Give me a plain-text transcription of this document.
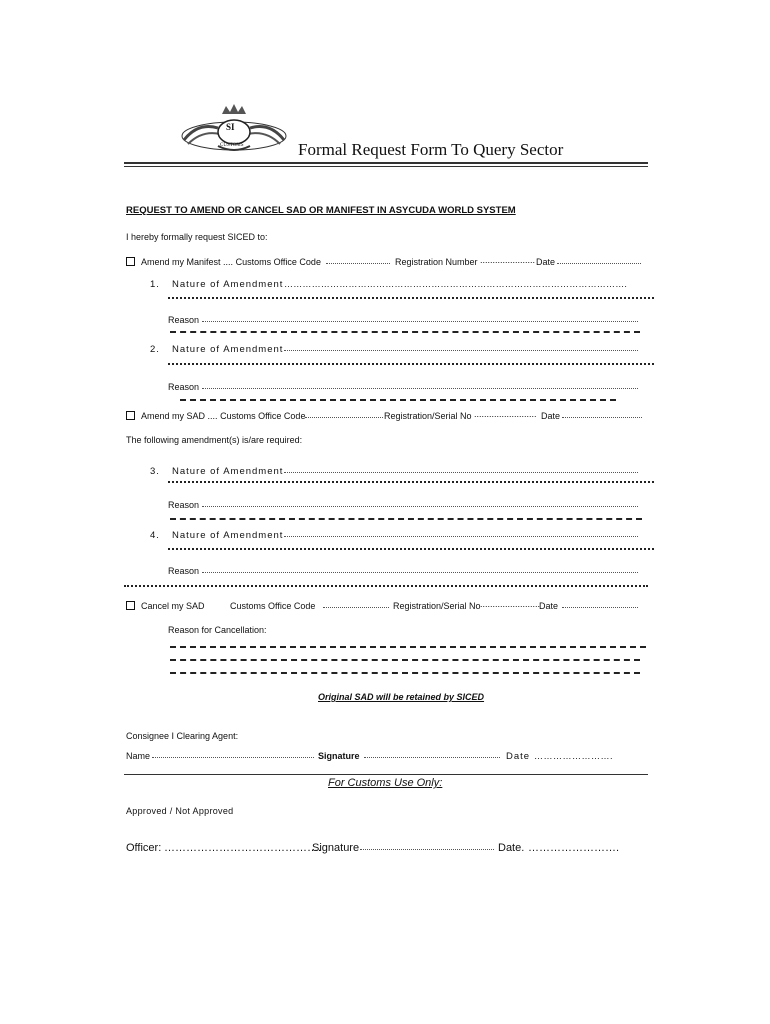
SI
CUSTOMS	Formal Request Form To Query Sector
REQUEST TO AMEND OR CANCEL SAD OR MANIFEST IN ASYCUDA WORLD SYSTEM
I hereby formally request SICED to:
Amend my Manifest .... Customs Office Code	Registration Number ...................... Date
1. Nature of Amendment ………………………………………………………………………………………………….
Reason
2. Nature of Amendment
Reason
Amend my SAD .... Customs Office Code	Registration/Serial No ......................... Date
The following amendment(s) is/are required:
3. Nature of Amendment
Reason
4. Nature of Amendment
Reason
Cancel my SAD	Customs Office Code	Registration/Serial No ........................
Date
Reason for Cancellation:
Original SAD will be retained by SICED
Consignee I Clearing Agent:
Name	Signature	Date …………………….
For Customs Use Only:
Approved / Not Approved
Officer: …………………………………….
Signature	Date. …………………….
